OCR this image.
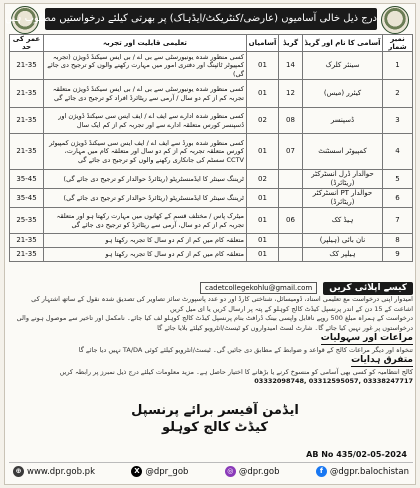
درج ذیل خالی آسامیوں (عارضی/کنٹریکٹ/ایڈہاک) پر بھرتی کیلئے درخواستیں مطلوب ہیں
نمبر شمار	آسامی کا نام اور گریڈ	گریڈ	آسامیاں	تعلیمی قابلیت اور تجربہ	عمر کی حد
1	سینئر کلرک	14	01	کسی منظور شدہ یونیورسٹی سے بی اے / بی ایس سیکنڈ ڈویژن (تجربہ کمپیوٹر ٹائپنگ اور دفتری امور میں مہارت رکھنے والوں کو ترجیح دی جائے گی)	21-35
2	کیئرر (میس)	12	01	کسی منظور شدہ یونیورسٹی سے بی اے / بی ایس سیکنڈ ڈویژن متعلقہ تجربہ کم از کم دو سال / آرمی سے ریٹائرڈ افراد کو ترجیح دی جائے گی	21-35
3	ڈسپنسر	08	02	کسی منظور شدہ ادارے سے ایف اے / ایف ایس سی سیکنڈ ڈویژن اور ڈسپنسر کورس متعلقہ ادارے سے اور تجربہ کم از کم ایک سال	21-35
4	کمپیوٹر اسسٹنٹ	07	01	کسی منظور شدہ بورڈ سے ایف اے / ایف ایس سی سیکنڈ ڈویژن کمپیوٹر کورس متعلقہ تجربہ کم از کم دو سال اور متعلقہ کام میں مہارت، CCTV سسٹم کی جانکاری رکھنے والوں کو ترجیح دی جائے گی	21-35
5	حوالدار ڈرل انسٹرکٹر (ریٹائرڈ)		02	ٹریننگ سینٹر کا ایڈمنسٹریٹو (ریٹائرڈ حوالدار کو ترجیح دی جائے گی)	35-45
6	حوالدار PT انسٹرکٹر (ریٹائرڈ)		01	ٹریننگ سینٹر کا ایڈمنسٹریٹو (ریٹائرڈ حوالدار کو ترجیح دی جائے گی)	35-45
7	ہیڈ کک	06	01	میٹرک پاس / مختلف قسم کے کھانوں میں مہارت رکھتا ہو اور متعلقہ تجربہ کم از کم دو سال، آرمی سے ریٹائرڈ کو ترجیح دی جائے گی	25-35
8	نان بائی (ہیلپر)		01	متعلقہ کام میں کم از کم دو سال کا تجربہ رکھتا ہو	21-35
9	ہیلپر کک		01	متعلقہ کام میں کم از کم دو سال کا تجربہ رکھتا ہو	21-35
کیسے اپلائی کریں cadetcollegekohlu@gmail.com

امیدوار اپنی درخواست مع تعلیمی اسناد، ڈومیسائل، شناختی کارڈ اور دو عدد پاسپورٹ سائز تصاویر کی تصدیق شدہ نقول کے ساتھ اشتہار کی اشاعت کے 15 دن کے اندر پرنسپل کیڈٹ کالج کوہلو کے پتہ پر ارسال کریں یا ای میل کریں

درخواست کے ہمراہ مبلغ 500 روپے ناقابل واپسی بینک ڈرافٹ بنام پرنسپل کیڈٹ کالج کوہلو لف کیا جائے۔ نامکمل اور تاخیر سے موصول ہونے والی درخواستوں پر غور نہیں کیا جائے گا۔ شارٹ لسٹ امیدواروں کو ٹیسٹ/انٹرویو کیلئے بلایا جائے گا

مراعات اور سہولیات

تنخواہ اور دیگر مراعات کالج کے قواعد و ضوابط کے مطابق دی جائیں گی۔ ٹیسٹ/انٹرویو کیلئے کوئی TA/DA نہیں دیا جائے گا

متفرق ہدایات

کالج انتظامیہ کو کسی بھی آسامی کو منسوخ کرنے یا بڑھانے کا اختیار حاصل ہے۔ مزید معلومات کیلئے درج ذیل نمبرز پر رابطہ کریں

03332098748, 03312595057, 03338247717

ایڈمن آفیسر برائے پرنسپل
کیڈٹ کالج کوہلو
AB No 435/02-05-2024
⊕ www.dpr.gob.pk	X @dpr_gob	◎ @dpr.gob	f @dgpr.balochistan
